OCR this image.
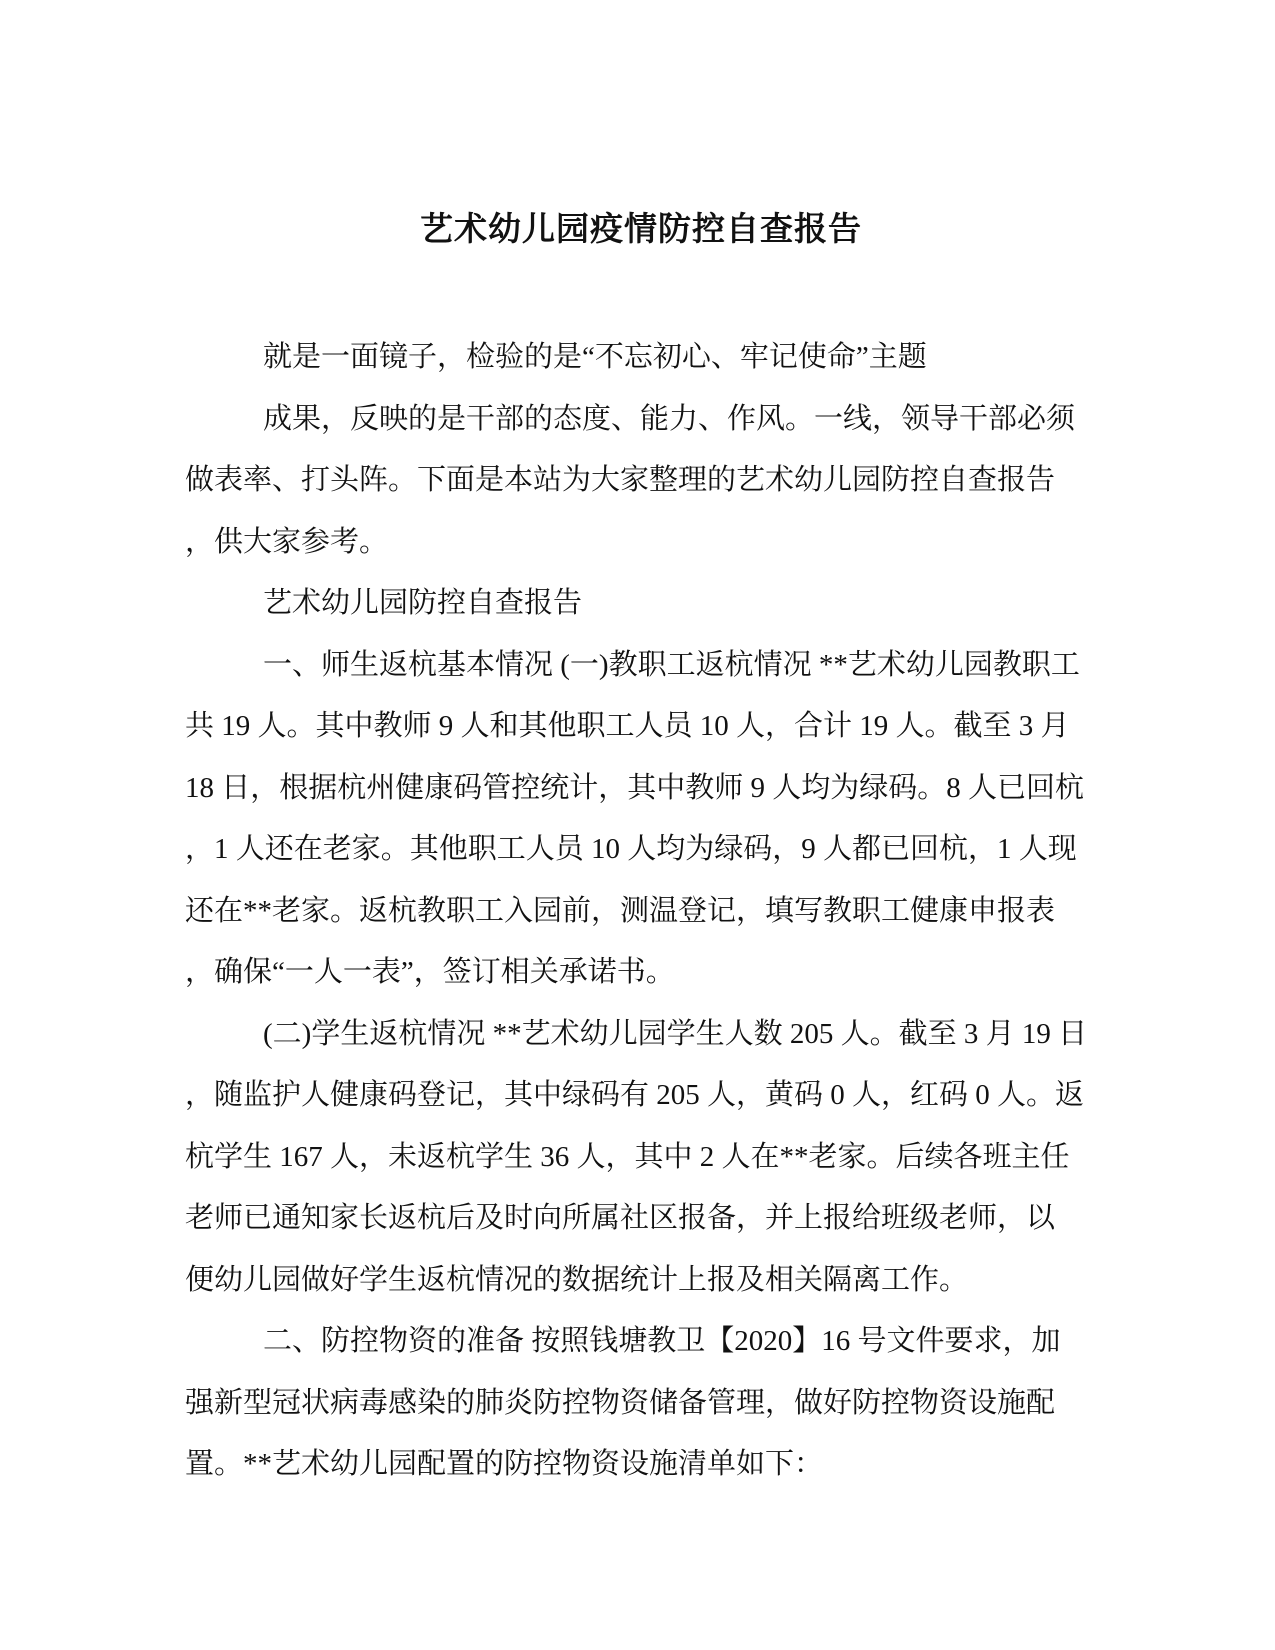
艺术幼儿园疫情防控自查报告
就是一面镜子，检验的是“不忘初心、牢记使命”主题
成果，反映的是干部的态度、能力、作风。一线，领导干部必须
做表率、打头阵。下面是本站为大家整理的艺术幼儿园防控自查报告
，供大家参考。
艺术幼儿园防控自查报告
一、师生返杭基本情况 (一)教职工返杭情况 **艺术幼儿园教职工
共 19 人。其中教师 9 人和其他职工人员 10 人，合计 19 人。截至 3 月
18 日，根据杭州健康码管控统计，其中教师 9 人均为绿码。8 人已回杭
，1 人还在老家。其他职工人员 10 人均为绿码，9 人都已回杭，1 人现
还在**老家。返杭教职工入园前，测温登记，填写教职工健康申报表
，确保“一人一表”，签订相关承诺书。
(二)学生返杭情况 **艺术幼儿园学生人数 205 人。截至 3 月 19 日
，随监护人健康码登记，其中绿码有 205 人，黄码 0 人，红码 0 人。返
杭学生 167 人，未返杭学生 36 人，其中 2 人在**老家。后续各班主任
老师已通知家长返杭后及时向所属社区报备，并上报给班级老师，以
便幼儿园做好学生返杭情况的数据统计上报及相关隔离工作。
二、防控物资的准备 按照钱塘教卫【2020】16 号文件要求，加
强新型冠状病毒感染的肺炎防控物资储备管理，做好防控物资设施配
置。**艺术幼儿园配置的防控物资设施清单如下：
